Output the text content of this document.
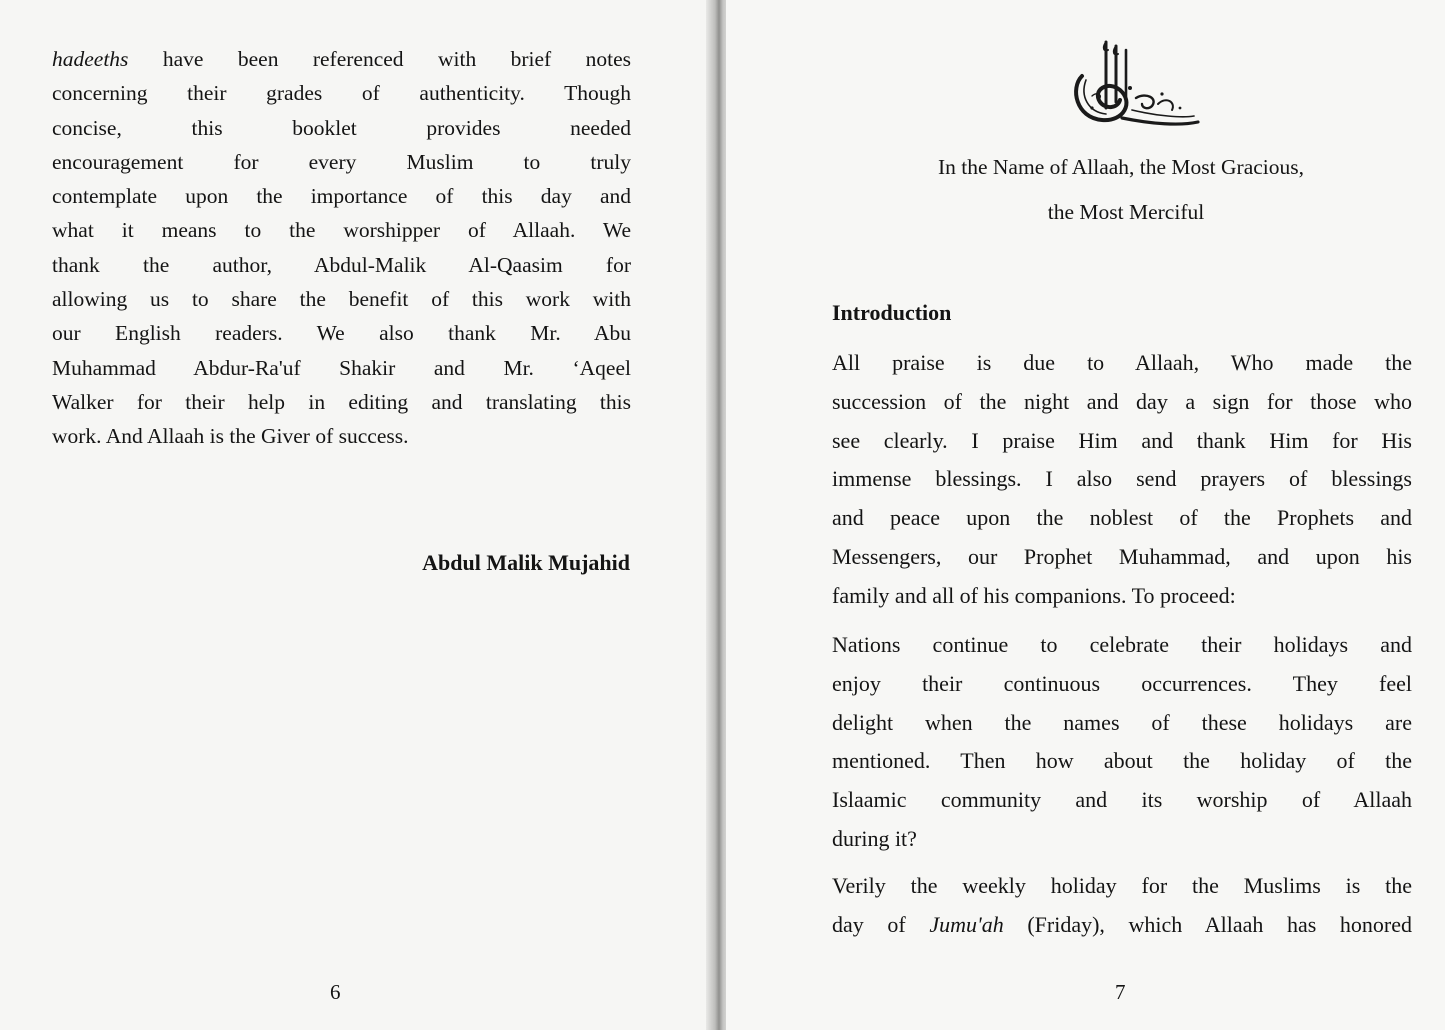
hadeeths have been referenced with brief notes

concerning their grades of authenticity. Though

concise, this booklet provides needed

encouragement for every Muslim to truly

contemplate upon the importance of this day and

what it means to the worshipper of Allaah. We

thank the author, Abdul-Malik Al-Qaasim for

allowing us to share the benefit of this work with

our English readers. We also thank Mr. Abu

Muhammad Abdur-Ra'uf Shakir and Mr. ‘Aqeel

Walker for their help in editing and translating this

work. And Allaah is the Giver of success.

Abdul Malik Mujahid
6
In the Name of Allaah, the Most Gracious,
the Most Merciful
Introduction
All praise is due to Allaah, Who made the
succession of the night and day a sign for those who
see clearly. I praise Him and thank Him for His
immense blessings. I also send prayers of blessings
and peace upon the noblest of the Prophets and
Messengers, our Prophet Muhammad, and upon his
family and all of his companions. To proceed:
Nations continue to celebrate their holidays and
enjoy their continuous occurrences. They feel
delight when the names of these holidays are
mentioned. Then how about the holiday of the
Islaamic community and its worship of Allaah
during it?
Verily the weekly holiday for the Muslims is the
day of Jumu'ah (Friday), which Allaah has honored
7
